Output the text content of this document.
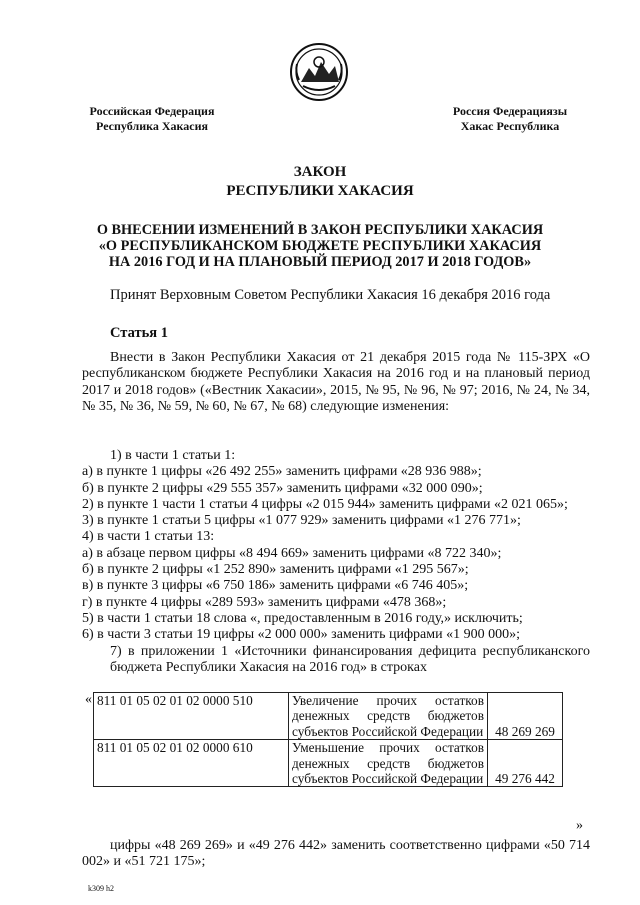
Российская Федерация
Республика Хакасия
Россия Федерациязы
Хакас Республика
ЗАКОН
РЕСПУБЛИКИ ХАКАСИЯ
О ВНЕСЕНИИ ИЗМЕНЕНИЙ В ЗАКОН РЕСПУБЛИКИ ХАКАСИЯ
«О РЕСПУБЛИКАНСКОМ БЮДЖЕТЕ РЕСПУБЛИКИ ХАКАСИЯ
НА 2016 ГОД И НА ПЛАНОВЫЙ ПЕРИОД 2017 И 2018 ГОДОВ»
Принят Верховным Советом Республики Хакасия 16 декабря 2016 года
Статья 1

Внести в Закон Республики Хакасия от 21 декабря 2015 года № 115-ЗРХ «О республиканском бюджете Республики Хакасия на 2016 год и на плановый период 2017 и 2018 годов» («Вестник Хакасии», 2015, № 95, № 96, № 97; 2016, № 24, № 34, № 35, № 36, № 59, № 60, № 67, № 68) следующие изменения:

1) в части 1 статьи 1:
а) в пункте 1 цифры «26 492 255» заменить цифрами «28 936 988»;
б) в пункте 2 цифры «29 555 357» заменить цифрами «32 000 090»;
2) в пункте 1 части 1 статьи 4 цифры «2 015 944» заменить цифрами «2 021 065»;
3) в пункте 1 статьи 5 цифры «1 077 929» заменить цифрами «1 276 771»;
4) в части 1 статьи 13:
а) в абзаце первом цифры «8 494 669» заменить цифрами «8 722 340»;
б) в пункте 2 цифры «1 252 890» заменить цифрами «1 295 567»;
в) в пункте 3 цифры «6 750 186» заменить цифрами «6 746 405»;
г) в пункте 4 цифры «289 593» заменить цифрами «478 368»;
5) в части 1 статьи 18 слова «, предоставленным в 2016 году,» исключить;
6) в части 3 статьи 19 цифры «2 000 000» заменить цифрами «1 900 000»;
7) в приложении 1 «Источники финансирования дефицита республиканского бюджета Республики Хакасия на 2016 год» в строках
« 811 01 05 02 01 02 0000 510	Увеличение прочих остатков денежных средств бюджетов субъектов Российской Федерации	48 269 269
811 01 05 02 01 02 0000 610	Уменьшение прочих остатков денежных средств бюджетов субъектов Российской Федерации	49 276 442
»

цифры «48 269 269» и «49 276 442» заменить соответственно цифрами «50 714 002» и «51 721 175»;

k309 h2
